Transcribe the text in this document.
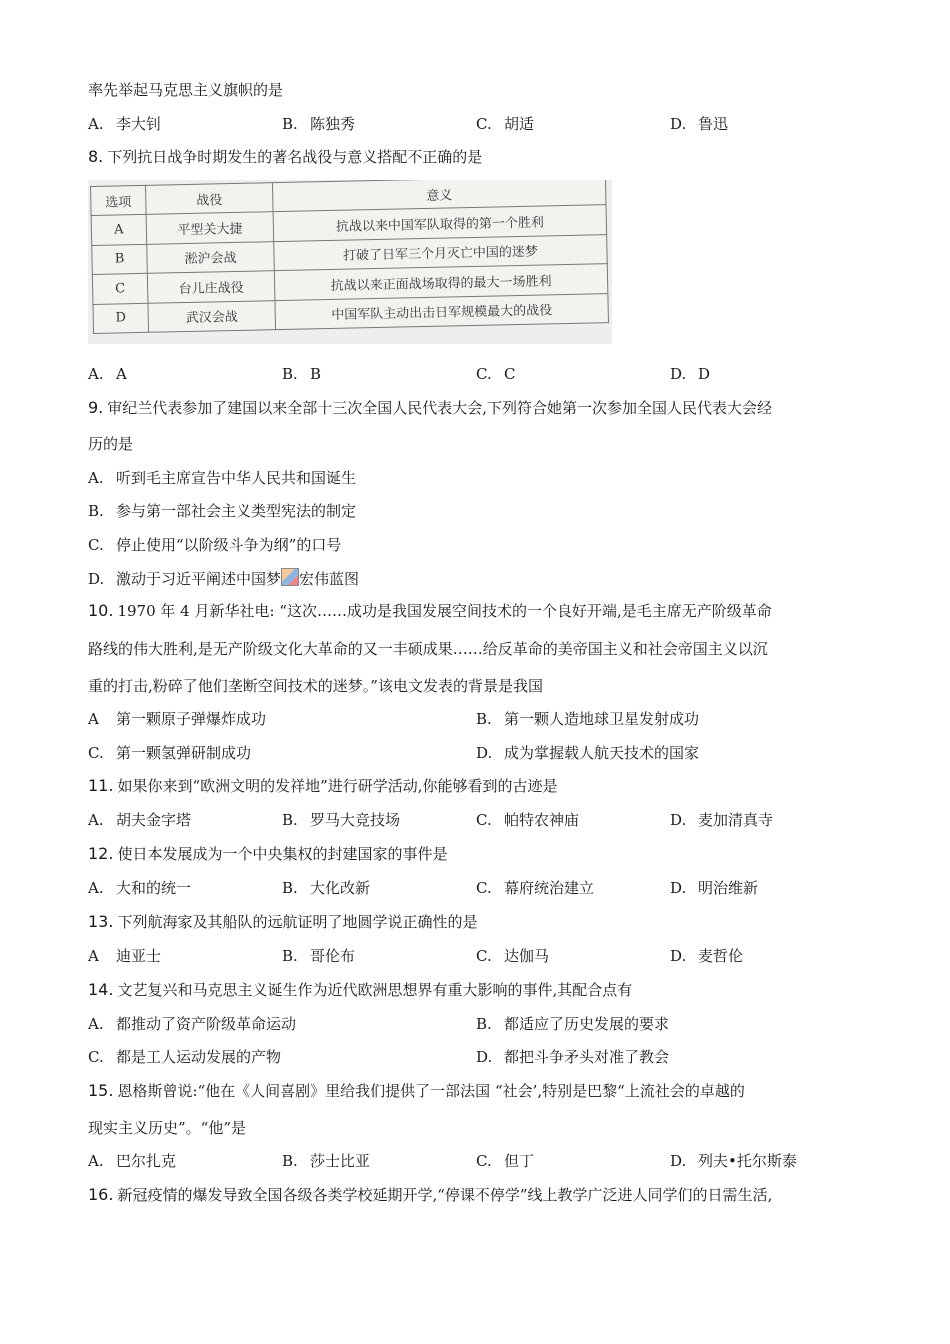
率先举起马克思主义旗帜的是
A. 李大钊	B. 陈独秀	C. 胡适	D. 鲁迅
8. 下列抗日战争时期发生的著名战役与意义搭配不正确的是
选项	战役	意义
A	平型关大捷	抗战以来中国军队取得的第一个胜利
B	淞沪会战	打破了日军三个月灭亡中国的迷梦
C	台儿庄战役	抗战以来正面战场取得的最大一场胜利
D	武汉会战	中国军队主动出击日军规模最大的战役
A. A	B. B	C. C	D. D
9. 审纪兰代表参加了建国以来全部十三次全国人民代表大会,下列符合她第一次参加全国人民代表大会经
历的是
A. 听到毛主席宣告中华人民共和国诞生
B. 参与第一部社会主义类型宪法的制定
C. 停止使用“以阶级斗争为纲”的口号
D. 激动于习近平阐述中国梦 宏伟蓝图
10. 1970 年 4 月新华社电: “这次……成功是我国发展空间技术的一个良好开端,是毛主席无产阶级革命
路线的伟大胜利,是无产阶级文化大革命的又一丰硕成果……给反革命的美帝国主义和社会帝国主义以沉
重的打击,粉碎了他们垄断空间技术的迷梦。”该电文发表的背景是我国
A 第一颗原子弹爆炸成功	B. 第一颗人造地球卫星发射成功
C. 第一颗氢弹研制成功	D. 成为掌握载人航天技术的国家
11. 如果你来到“欧洲文明的发祥地”进行研学活动,你能够看到的古迹是
A. 胡夫金字塔	B. 罗马大竞技场	C. 帕特农神庙	D. 麦加清真寺
12. 使日本发展成为一个中央集权的封建国家的事件是
A. 大和的统一	B. 大化改新	C. 幕府统治建立	D. 明治维新
13. 下列航海家及其船队的远航证明了地圆学说正确性的是
A 迪亚士	B. 哥伦布	C. 达伽马	D. 麦哲伦
14. 文艺复兴和马克思主义诞生作为近代欧洲思想界有重大影响的事件,其配合点有
A. 都推动了资产阶级革命运动	B. 都适应了历史发展的要求
C. 都是工人运动发展的产物	D. 都把斗争矛头对准了教会
15. 恩格斯曾说:“他在《人间喜剧》里给我们提供了一部法国 “社会’,特别是巴黎“上流社会的卓越的
现实主义历史”。“他”是
A. 巴尔扎克	B. 莎士比亚	C. 但丁	D. 列夫•托尔斯泰
16. 新冠疫情的爆发导致全国各级各类学校延期开学,“停课不停学”线上教学广泛进人同学们的日需生活,
